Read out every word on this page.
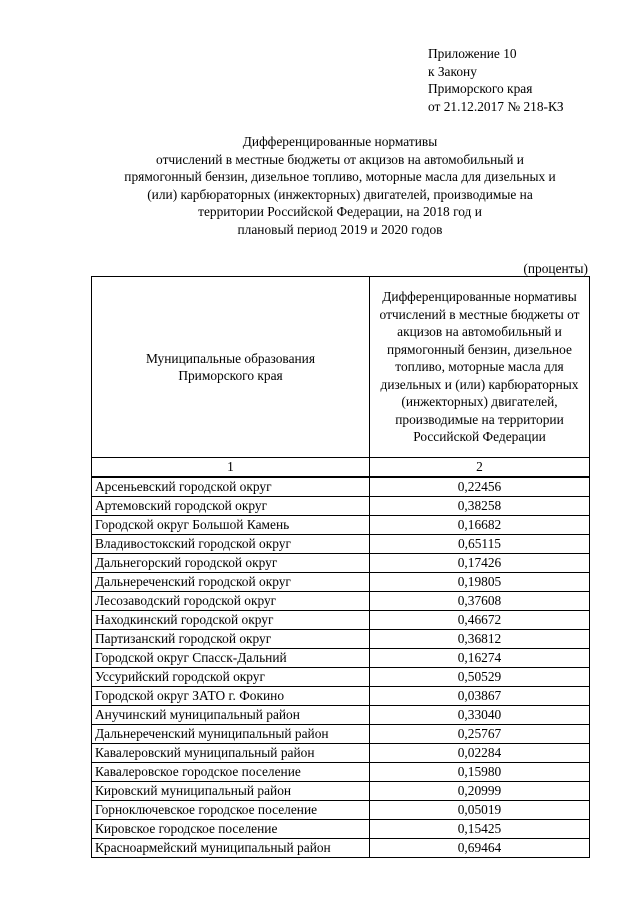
Приложение 10
к Закону
Приморского края
от 21.12.2017 № 218-КЗ
Дифференцированные нормативы
отчислений в местные бюджеты от акцизов на автомобильный и
прямогонный бензин, дизельное топливо, моторные масла для дизельных и
(или) карбюраторных (инжекторных) двигателей, производимые на
территории Российской Федерации, на 2018 год и
плановый период 2019 и 2020 годов
(проценты)
Муниципальные образования Приморского края	Дифференцированные нормативы отчислений в местные бюджеты от акцизов на автомобильный и прямогонный бензин, дизельное топливо, моторные масла для дизельных и (или) карбюраторных (инжекторных) двигателей, производимые на территории Российской Федерации

1	2
Арсеньевский городской округ	0,22456
Артемовский городской округ	0,38258
Городской округ Большой Камень	0,16682
Владивостокский городской округ	0,65115
Дальнегорский городской округ	0,17426
Дальнереченский городской округ	0,19805
Лесозаводский городской округ	0,37608
Находкинский городской округ	0,46672
Партизанский городской округ	0,36812
Городской округ Спасск-Дальний	0,16274
Уссурийский городской округ	0,50529
Городской округ ЗАТО г. Фокино	0,03867
Анучинский муниципальный район	0,33040
Дальнереченский муниципальный район	0,25767
Кавалеровский муниципальный район	0,02284
Кавалеровское городское поселение	0,15980
Кировский муниципальный район	0,20999
Горноключевское городское поселение	0,05019
Кировское городское поселение	0,15425
Красноармейский муниципальный район	0,69464
